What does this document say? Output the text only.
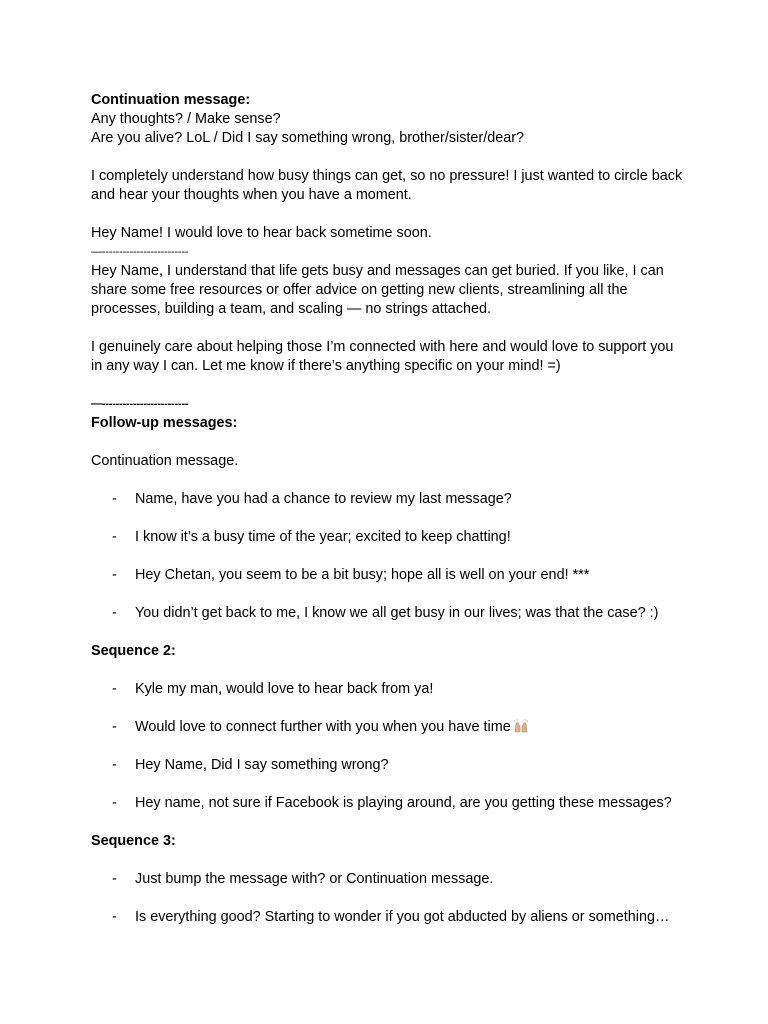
Continuation message:

Any thoughts? / Make sense?

Are you alive? LoL / Did I say something wrong, brother/sister/dear?

I completely understand how busy things can get, so no pressure! I just wanted to circle back and hear your thoughts when you have a moment.

Hey Name! I would love to hear back sometime soon.

—-------------------------

Hey Name, I understand that life gets busy and messages can get buried. If you like, I can share some free resources or offer advice on getting new clients, streamlining all the processes, building a team, and scaling — no strings attached.

I genuinely care about helping those I’m connected with here and would love to support you in any way I can. Let me know if there’s anything specific on your mind! =)

—-------------------------

Follow-up messages:

Continuation message.

- Name, have you had a chance to review my last message?
- I know it’s a busy time of the year; excited to keep chatting!
- Hey Chetan, you seem to be a bit busy; hope all is well on your end! ***
- You didn’t get back to me, I know we all get busy in our lives; was that the case? :)

Sequence 2:

- Kyle my man, would love to hear back from ya!
- Would love to connect further with you when you have time
- Hey Name, Did I say something wrong?
- Hey name, not sure if Facebook is playing around, are you getting these messages?

Sequence 3:

- Just bump the message with? or Continuation message.
- Is everything good? Starting to wonder if you got abducted by aliens or something…
